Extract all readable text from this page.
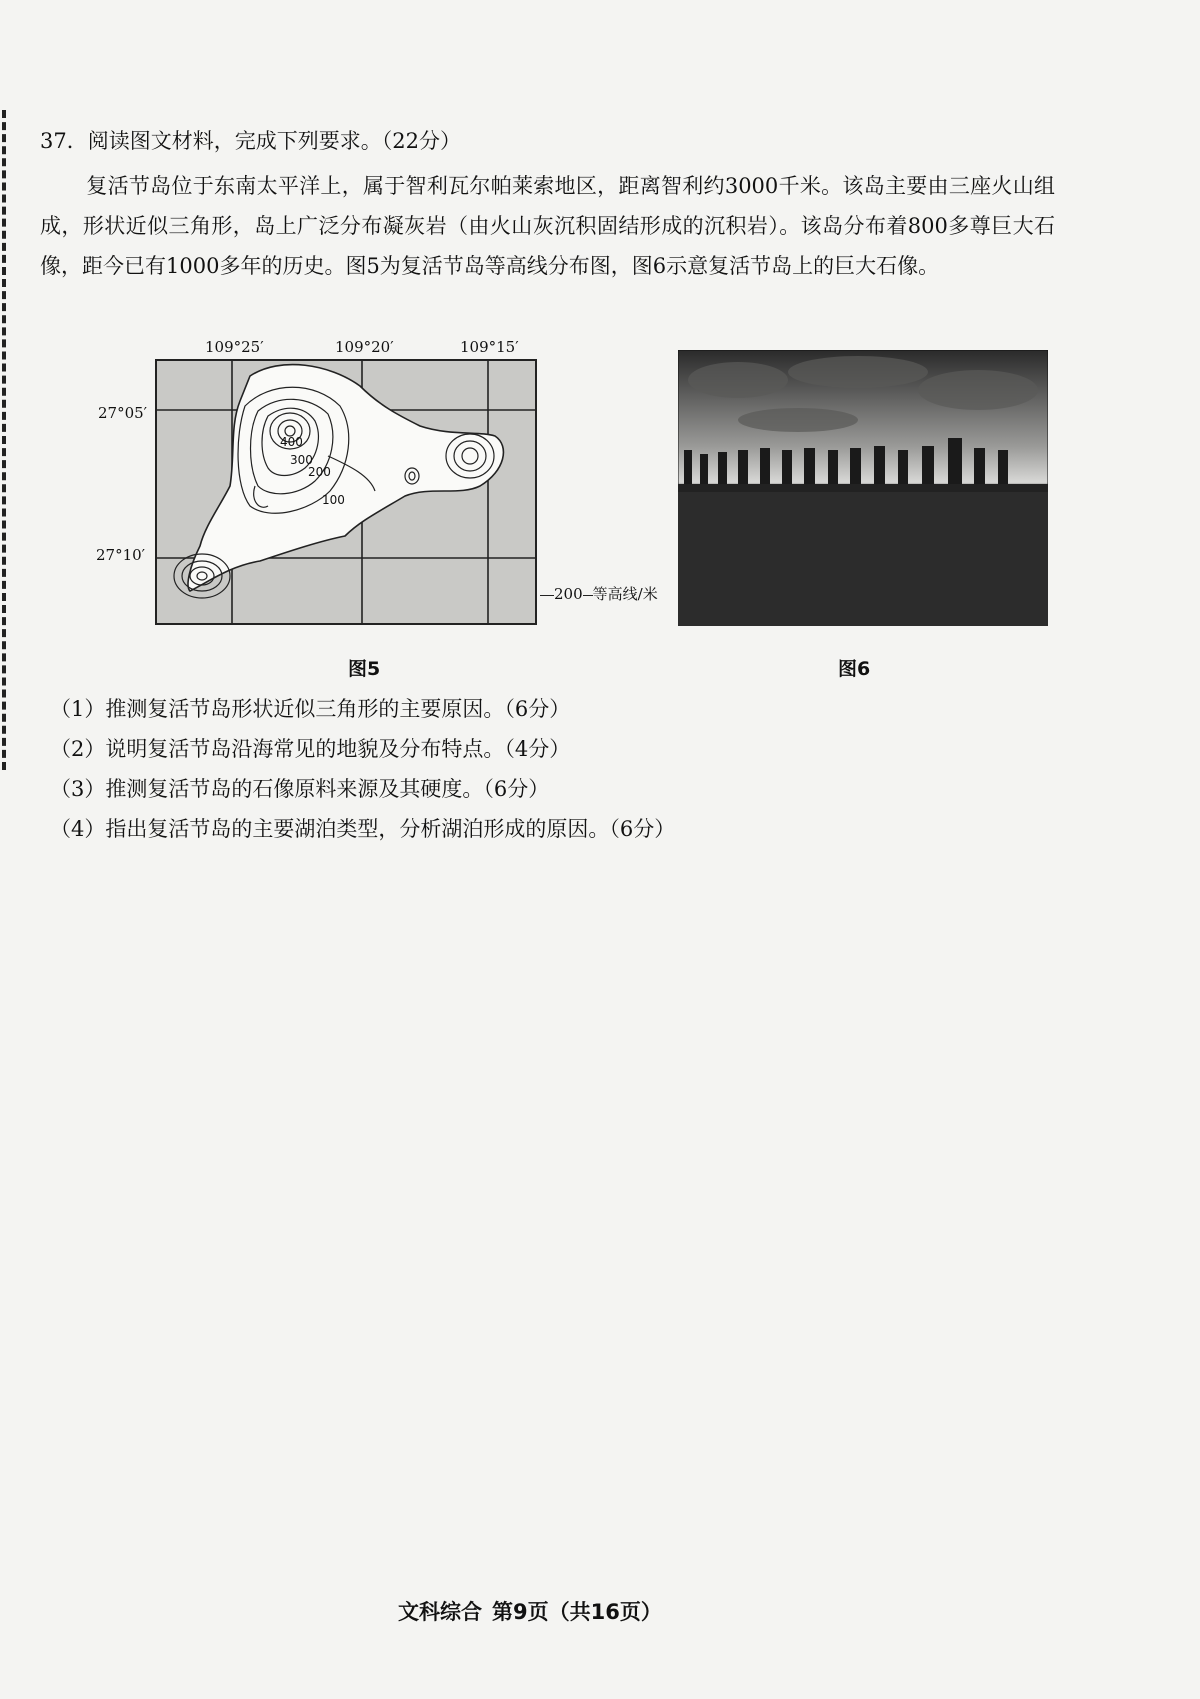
37．阅读图文材料，完成下列要求。（22分）
复活节岛位于东南太平洋上，属于智利瓦尔帕莱索地区，距离智利约3000千米。该岛主要由三座火山组成，形状近似三角形，岛上广泛分布凝灰岩（由火山灰沉积固结形成的沉积岩）。该岛分布着800多尊巨大石像，距今已有1000多年的历史。图5为复活节岛等高线分布图，图6示意复活节岛上的巨大石像。
109°25′	109°20′	109°15′
400
300
200
100
27°05′
27°10′
200 等高线/米
图5	图6
（1）推测复活节岛形状近似三角形的主要原因。（6分）
（2）说明复活节岛沿海常见的地貌及分布特点。（4分）
（3）推测复活节岛的石像原料来源及其硬度。（6分）
（4）指出复活节岛的主要湖泊类型，分析湖泊形成的原因。（6分）
文科综合 第9页（共16页）
